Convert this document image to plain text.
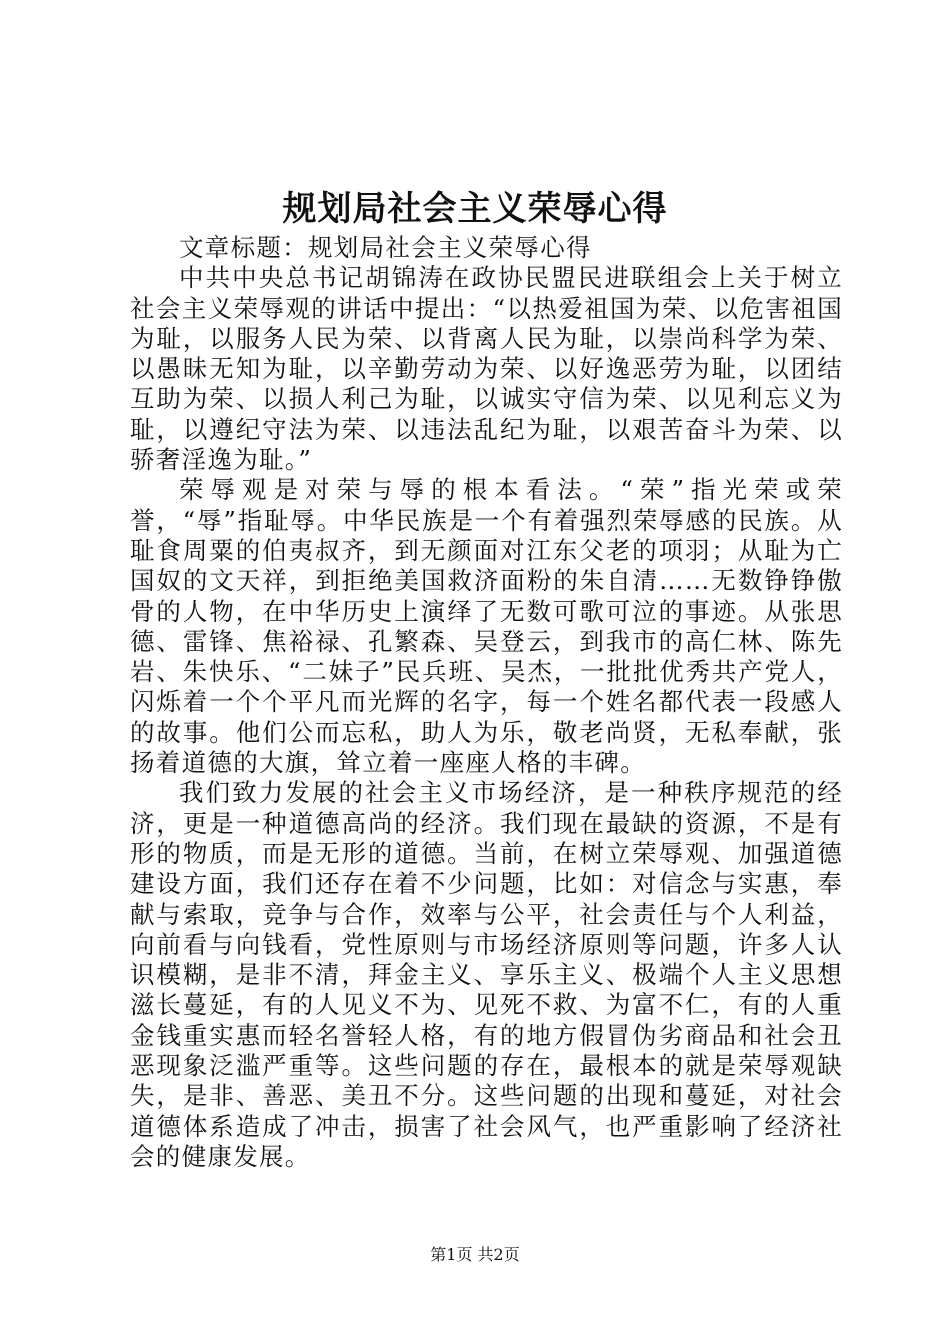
规划局社会主义荣辱心得

文章标题：规划局社会主义荣辱心得

中共中央总书记胡锦涛在政协民盟民进联组会上关于树立社会主义荣辱观的讲话中提出：“以热爱祖国为荣、以危害祖国为耻，以服务人民为荣、以背离人民为耻，以崇尚科学为荣、以愚昧无知为耻，以辛勤劳动为荣、以好逸恶劳为耻，以团结互助为荣、以损人利己为耻，以诚实守信为荣、以见利忘义为耻，以遵纪守法为荣、以违法乱纪为耻，以艰苦奋斗为荣、以骄奢淫逸为耻。”

荣辱观是对荣与辱的根本看法。“荣”指光荣或荣誉，“辱”指耻辱。中华民族是一个有着强烈荣辱感的民族。从耻食周粟的伯夷叔齐，到无颜面对江东父老的项羽；从耻为亡国奴的文天祥，到拒绝美国救济面粉的朱自清……无数铮铮傲骨的人物，在中华历史上演绎了无数可歌可泣的事迹。从张思德、雷锋、焦裕禄、孔繁森、吴登云，到我市的高仁林、陈先岩、朱快乐、“二妹子”民兵班、吴杰，一批批优秀共产党人，闪烁着一个个平凡而光辉的名字，每一个姓名都代表一段感人的故事。他们公而忘私，助人为乐，敬老尚贤，无私奉献，张扬着道德的大旗，耸立着一座座人格的丰碑。

我们致力发展的社会主义市场经济，是一种秩序规范的经济，更是一种道德高尚的经济。我们现在最缺的资源，不是有形的物质，而是无形的道德。当前，在树立荣辱观、加强道德建设方面，我们还存在着不少问题，比如：对信念与实惠，奉献与索取，竞争与合作，效率与公平，社会责任与个人利益，向前看与向钱看，党性原则与市场经济原则等问题，许多人认识模糊，是非不清，拜金主义、享乐主义、极端个人主义思想滋长蔓延，有的人见义不为、见死不救、为富不仁，有的人重金钱重实惠而轻名誉轻人格，有的地方假冒伪劣商品和社会丑恶现象泛滥严重等。这些问题的存在，最根本的就是荣辱观缺失，是非、善恶、美丑不分。这些问题的出现和蔓延，对社会道德体系造成了冲击，损害了社会风气，也严重影响了经济社会的健康发展。

第1页 共2页
